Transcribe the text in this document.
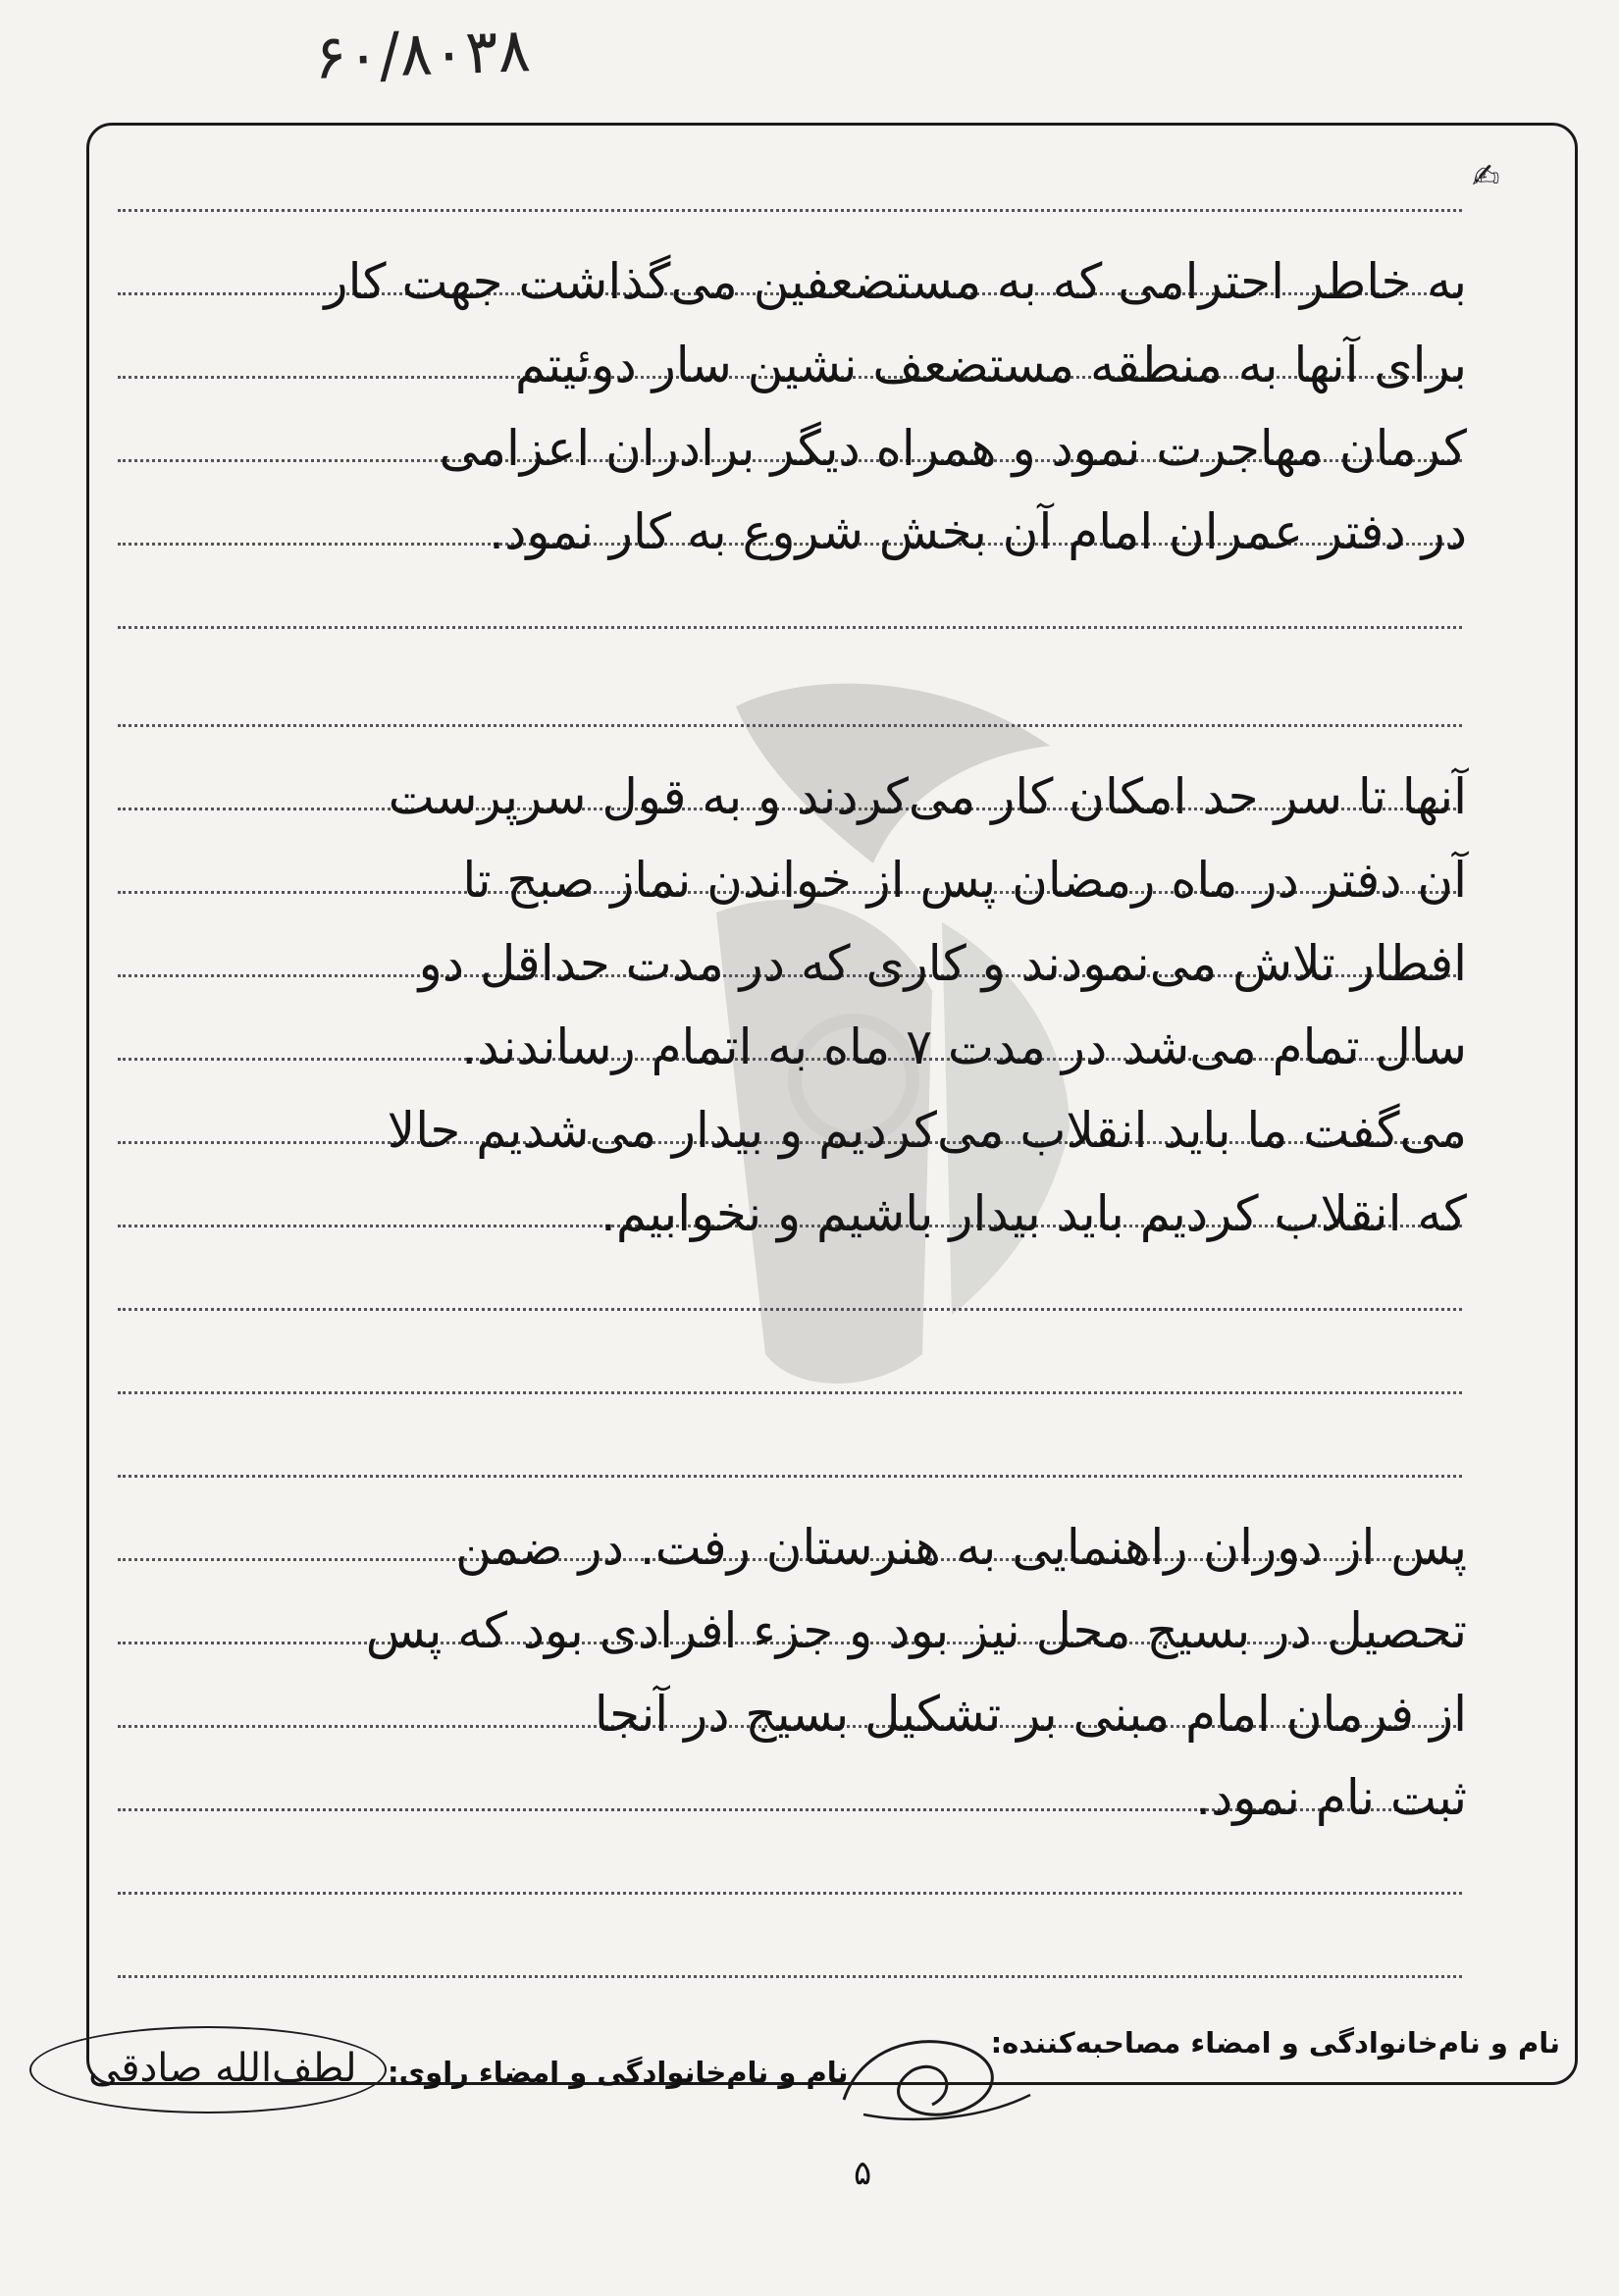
۶۰/۸۰۳۸
✍
به خاطر احترامی که به مستضعفین می‌گذاشت جهت کار
برای آنها به منطقه مستضعف نشین سار دوئیتم
کرمان مهاجرت نمود و همراه دیگر برادران اعزامی
در دفتر عمران امام آن بخش شروع به کار نمود.
آنها تا سر حد امکان کار می‌کردند و به قول سرپرست
آن دفتر در ماه رمضان پس از خواندن نماز صبح تا
افطار تلاش می‌نمودند و کاری که در مدت حداقل دو
سال تمام می‌شد در مدت ۷ ماه به اتمام رساندند.
می‌گفت ما باید انقلاب می‌کردیم و بیدار می‌شدیم حالا
که انقلاب کردیم باید بیدار باشیم و نخوابیم.
پس از دوران راهنمایی به هنرستان رفت. در ضمن
تحصیل در بسیج محل نیز بود و جزء افرادی بود که پس
از فرمان امام مبنی بر تشکیل بسیج در آنجا
ثبت نام نمود.
نام و نام‌خانوادگی و امضاء مصاحبه‌کننده:
نام و نام‌خانوادگی و امضاء راوی:
لطف‌الله صادقی
۵
